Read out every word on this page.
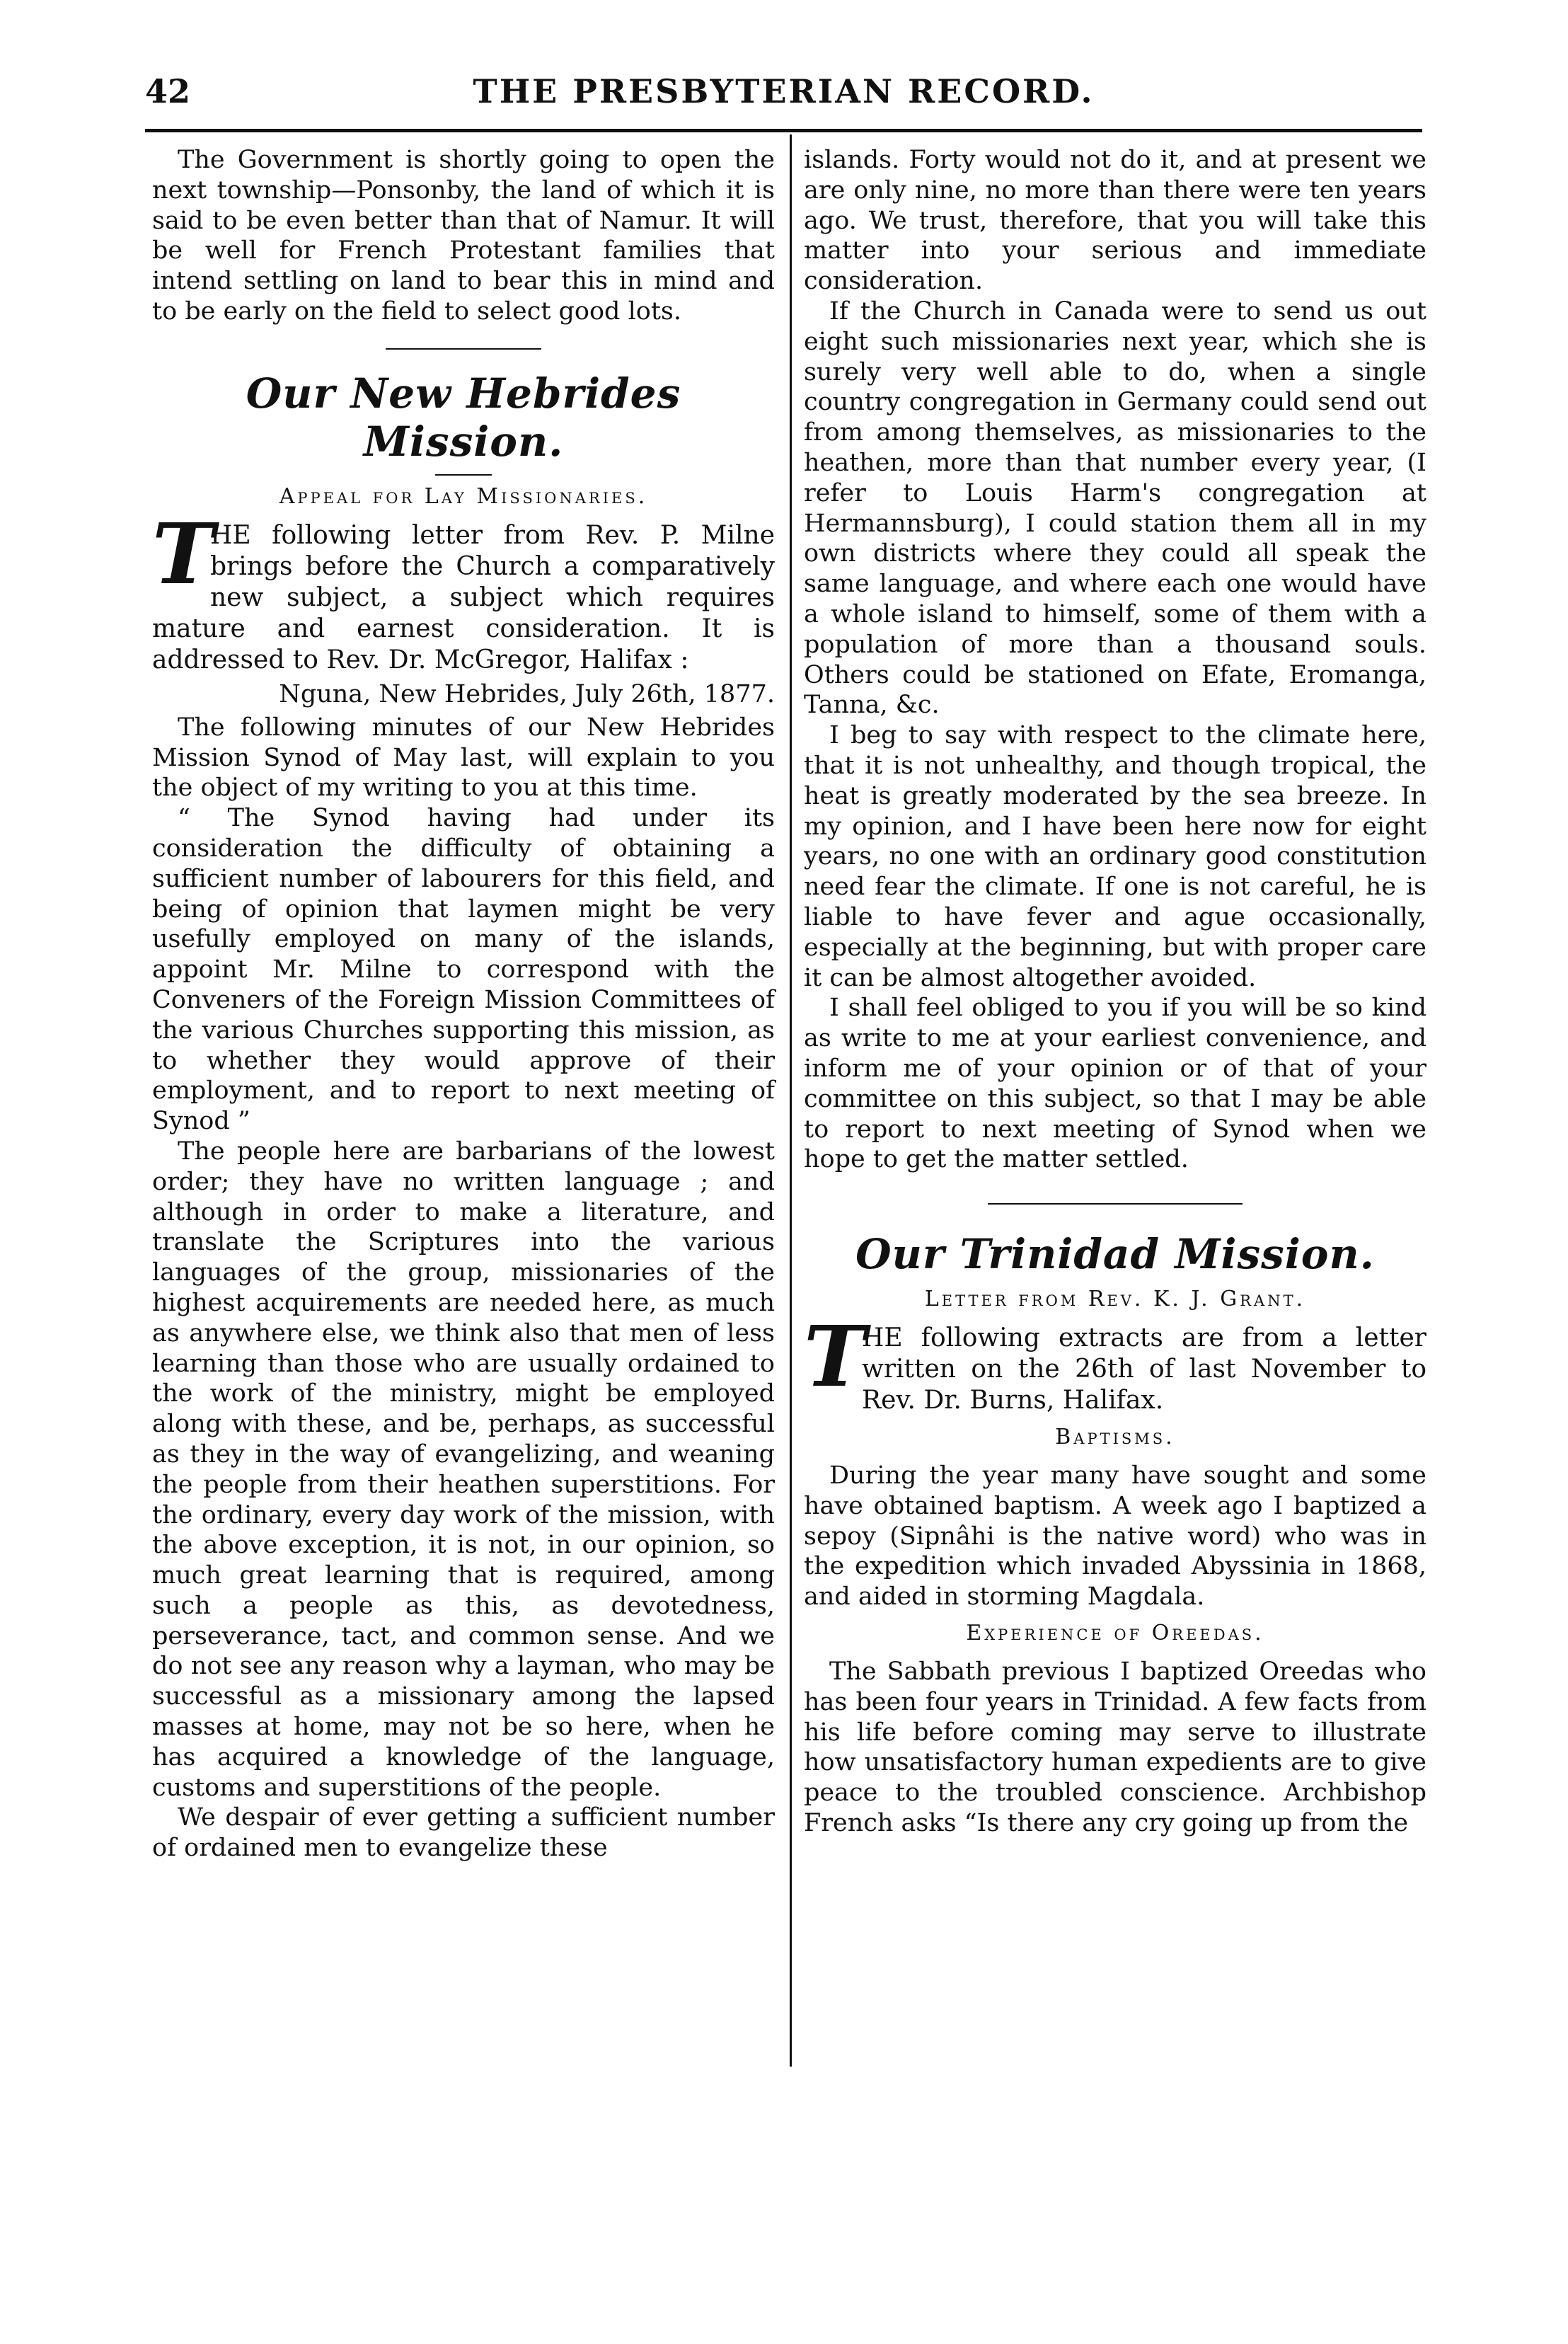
42	THE PRESBYTERIAN RECORD.

The Government is shortly going to open the next township—Ponsonby, the land of which it is said to be even better than that of Namur. It will be well for French Protestant families that intend settling on land to bear this in mind and to be early on the field to select good lots.

Our New Hebrides Mission.
Appeal for Lay Missionaries.
T

HE following letter from Rev. P. Milne brings before the Church a comparatively new subject, a subject which requires mature and earnest consideration. It is addressed to Rev. Dr. McGregor, Halifax :

Nguna, New Hebrides, July 26th, 1877.

The following minutes of our New Hebrides Mission Synod of May last, will explain to you the object of my writing to you at this time.

“ The Synod having had under its consideration the difficulty of obtaining a sufficient number of labourers for this field, and being of opinion that laymen might be very usefully employed on many of the islands, appoint Mr. Milne to correspond with the Conveners of the Foreign Mission Committees of the various Churches supporting this mission, as to whether they would approve of their employment, and to report to next meeting of Synod ”

The people here are barbarians of the lowest order; they have no written language ; and although in order to make a literature, and translate the Scriptures into the various languages of the group, missionaries of the highest acquirements are needed here, as much as anywhere else, we think also that men of less learning than those who are usually ordained to the work of the ministry, might be employed along with these, and be, perhaps, as successful as they in the way of evangelizing, and weaning the people from their heathen superstitions. For the ordinary, every day work of the mission, with the above exception, it is not, in our opinion, so much great learning that is required, among such a people as this, as devotedness, perseverance, tact, and common sense. And we do not see any reason why a layman, who may be successful as a missionary among the lapsed masses at home, may not be so here, when he has acquired a knowledge of the language, customs and superstitions of the people.

We despair of ever getting a sufficient number of ordained men to evangelize these

islands. Forty would not do it, and at present we are only nine, no more than there were ten years ago. We trust, therefore, that you will take this matter into your serious and immediate consideration.

If the Church in Canada were to send us out eight such missionaries next year, which she is surely very well able to do, when a single country congregation in Germany could send out from among themselves, as missionaries to the heathen, more than that number every year, (I refer to Louis Harm's congregation at Hermannsburg), I could station them all in my own districts where they could all speak the same language, and where each one would have a whole island to himself, some of them with a population of more than a thousand souls. Others could be stationed on Efate, Eromanga, Tanna, &c.

I beg to say with respect to the climate here, that it is not unhealthy, and though tropical, the heat is greatly moderated by the sea breeze. In my opinion, and I have been here now for eight years, no one with an ordinary good constitution need fear the climate. If one is not careful, he is liable to have fever and ague occasionally, especially at the beginning, but with proper care it can be almost altogether avoided.

I shall feel obliged to you if you will be so kind as write to me at your earliest convenience, and inform me of your opinion or of that of your committee on this subject, so that I may be able to report to next meeting of Synod when we hope to get the matter settled.

Our Trinidad Mission.
Letter from Rev. K. J. Grant.
T

HE following extracts are from a letter written on the 26th of last November to Rev. Dr. Burns, Halifax.

Baptisms.

During the year many have sought and some have obtained baptism. A week ago I baptized a sepoy (Sipnâhi is the native word) who was in the expedition which invaded Abyssinia in 1868, and aided in storming Magdala.

Experience of Oreedas.

The Sabbath previous I baptized Oreedas who has been four years in Trinidad. A few facts from his life before coming may serve to illustrate how unsatisfactory human expedients are to give peace to the troubled conscience. Archbishop French asks “Is there any cry going up from the
